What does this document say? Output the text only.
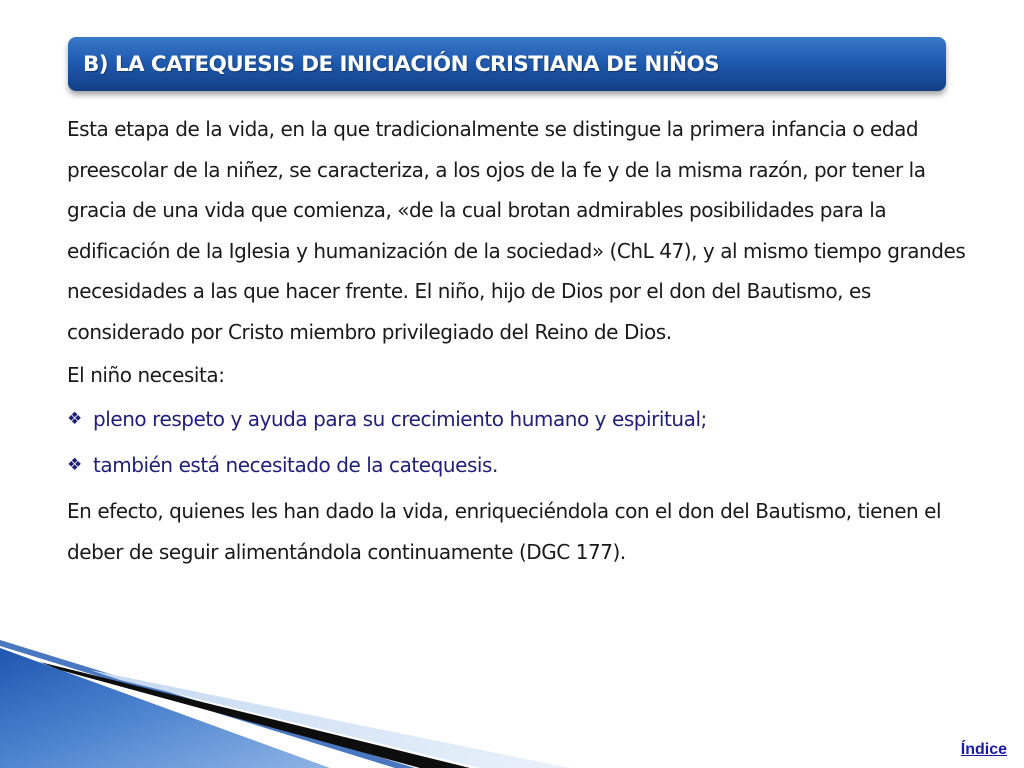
B) LA CATEQUESIS DE INICIACIÓN CRISTIANA DE NIÑOS

Esta etapa de la vida, en la que tradicionalmente se distingue la primera infancia o edad preescolar de la niñez, se caracteriza, a los ojos de la fe y de la misma razón, por tener la gracia de una vida que comienza, «de la cual brotan admirables posibilidades para la edificación de la Iglesia y humanización de la sociedad» (ChL 47), y al mismo tiempo grandes necesidades a las que hacer frente. El niño, hijo de Dios por el don del Bautismo, es considerado por Cristo miembro privilegiado del Reino de Dios.

El niño necesita:

❖ pleno respeto y ayuda para su crecimiento humano y espiritual;
❖ también está necesitado de la catequesis.

En efecto, quienes les han dado la vida, enriqueciéndola con el don del Bautismo, tienen el deber de seguir alimentándola continuamente (DGC 177).

Índice
